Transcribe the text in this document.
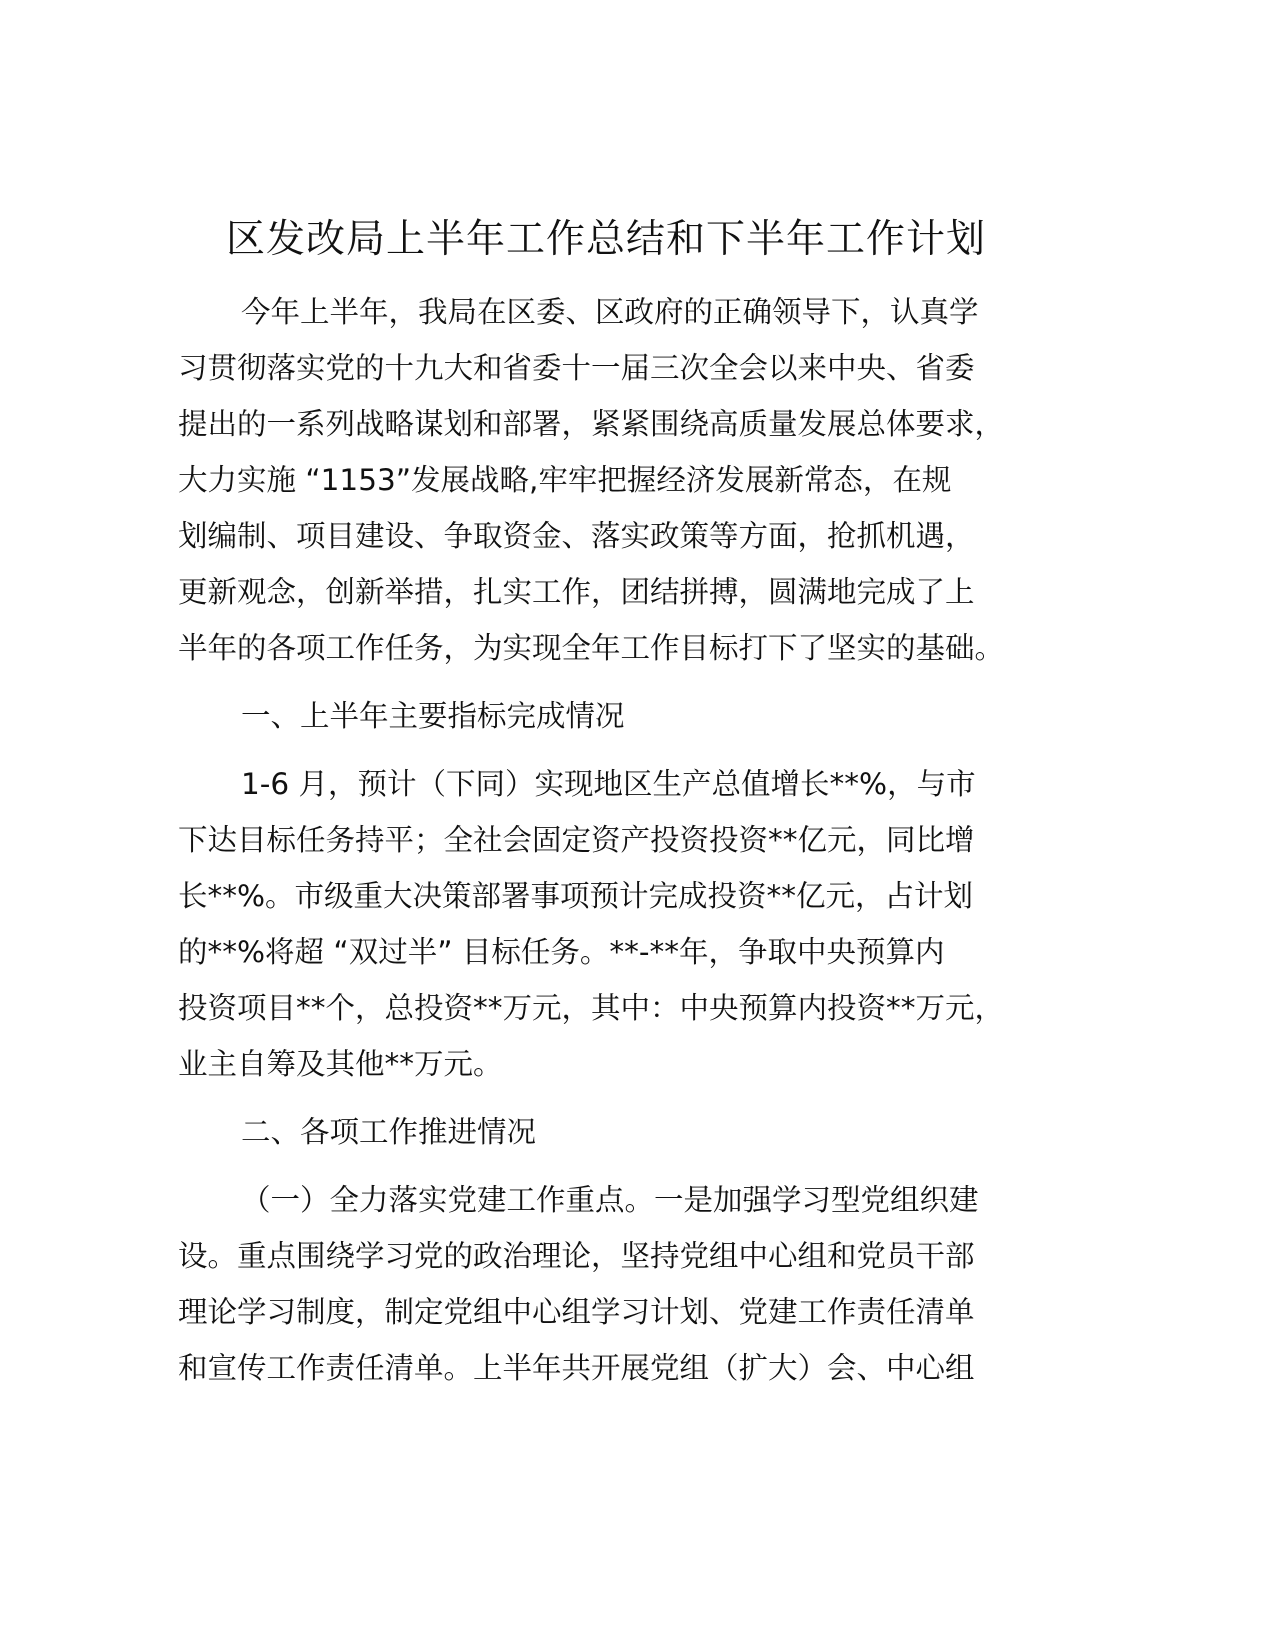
区发改局上半年工作总结和下半年工作计划
今年上半年，我局在区委、区政府的正确领导下，认真学
习贯彻落实党的十九大和省委十一届三次全会以来中央、省委
提出的一系列战略谋划和部署，紧紧围绕高质量发展总体要求，
大力实施 “1153”发展战略,牢牢把握经济发展新常态，在规
划编制、项目建设、争取资金、落实政策等方面，抢抓机遇，
更新观念，创新举措，扎实工作，团结拼搏，圆满地完成了上
半年的各项工作任务，为实现全年工作目标打下了坚实的基础。
一、上半年主要指标完成情况
1-6 月，预计（下同）实现地区生产总值增长**%，与市
下达目标任务持平；全社会固定资产投资投资**亿元，同比增
长**%。市级重大决策部署事项预计完成投资**亿元，占计划
的**%将超 “双过半” 目标任务。**-**年，争取中央预算内
投资项目**个，总投资**万元，其中：中央预算内投资**万元，
业主自筹及其他**万元。
二、各项工作推进情况
（一）全力落实党建工作重点。一是加强学习型党组织建
设。重点围绕学习党的政治理论，坚持党组中心组和党员干部
理论学习制度，制定党组中心组学习计划、党建工作责任清单
和宣传工作责任清单。上半年共开展党组（扩大）会、中心组
